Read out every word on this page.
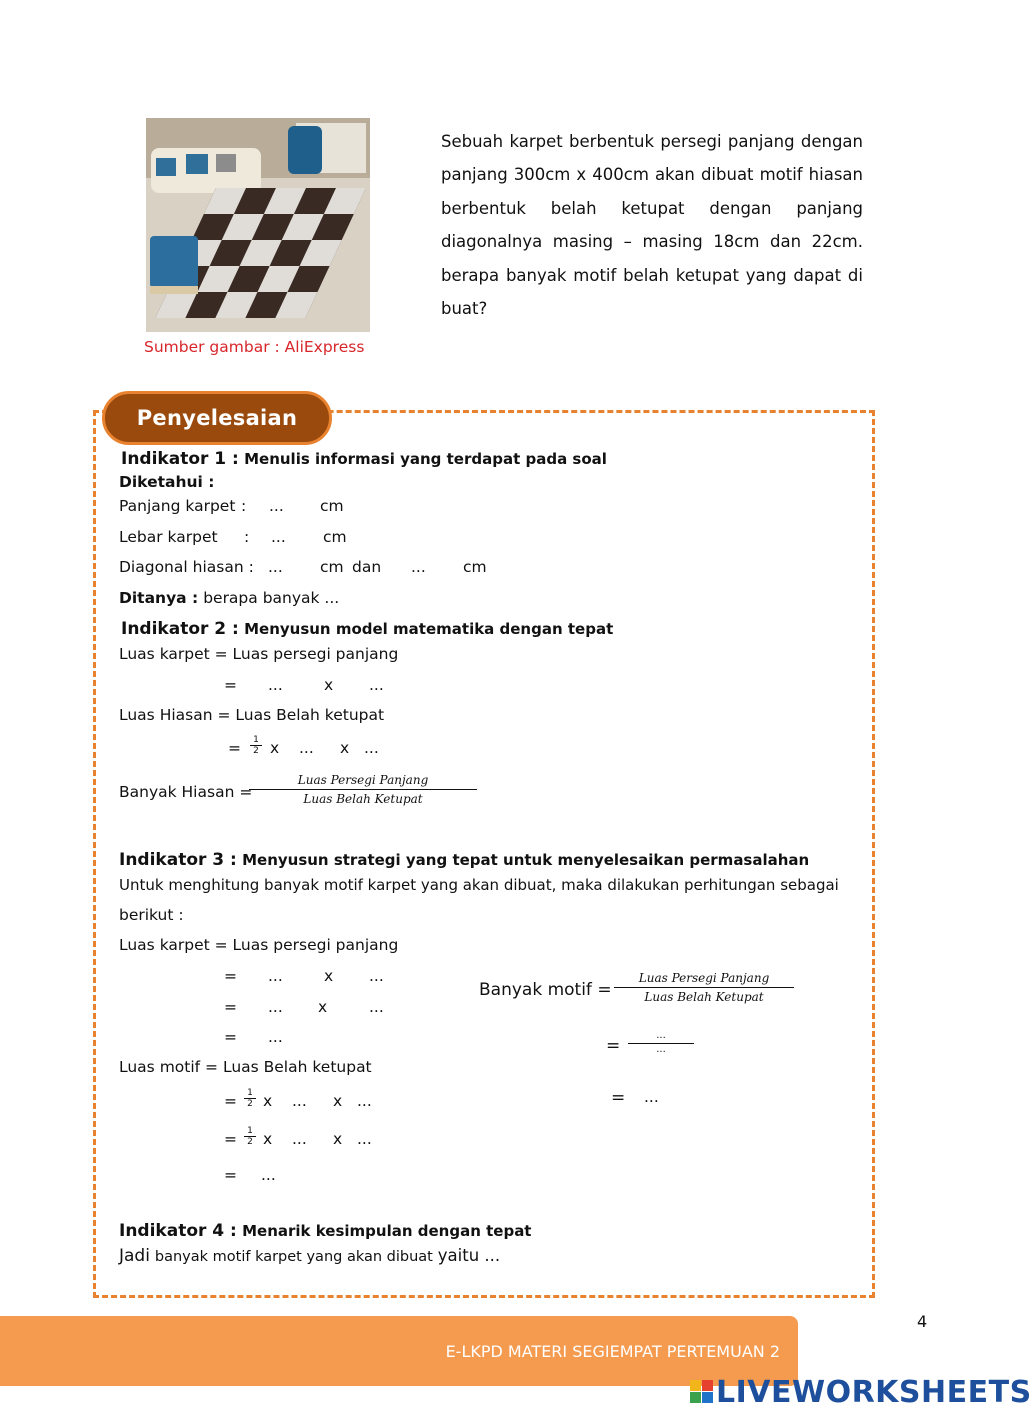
Sumber gambar : AliExpress
Sebuah karpet berbentuk persegi panjang dengan panjang 300cm x 400cm akan dibuat motif hiasan berbentuk belah ketupat dengan panjang diagonalnya masing – masing 18cm dan 22cm. berapa banyak motif belah ketupat yang dapat di buat?
Penyelesaian
Indikator 1 : Menulis informasi yang terdapat pada soal
Diketahui :
Panjang karpet : ... cm
Lebar karpet : ... cm
Diagonal hiasan : ... cm dan ... cm
Ditanya : berapa banyak ...
Indikator 2 : Menyusun model matematika dengan tepat
Luas karpet = Luas persegi panjang
= ...	x ...
Luas Hiasan = Luas Belah ketupat
= $\frac{1}{2}$ x ... x ...
Banyak Hiasan =
Luas Persegi Panjang
Luas Belah Ketupat
Indikator 3 : Menyusun strategi yang tepat untuk menyelesaikan permasalahan
Untuk menghitung banyak motif karpet yang akan dibuat, maka dilakukan perhitungan sebagai
berikut :
Luas karpet = Luas persegi panjang
= ...	x ...
= ... x	...
= ...
Luas motif = Luas Belah ketupat
= $\frac{1}{2}$ x ... x ...
= $\frac{1}{2}$ x ... x ...
= ...
Banyak motif =
Luas Persegi Panjang
Luas Belah Ketupat
=
...
...
= ...
Indikator 4 : Menarik kesimpulan dengan tepat
Jadi banyak motif karpet yang akan dibuat yaitu ...
E-LKPD MATERI SEGIEMPAT PERTEMUAN 2
4
LIVEWORKSHEETS
